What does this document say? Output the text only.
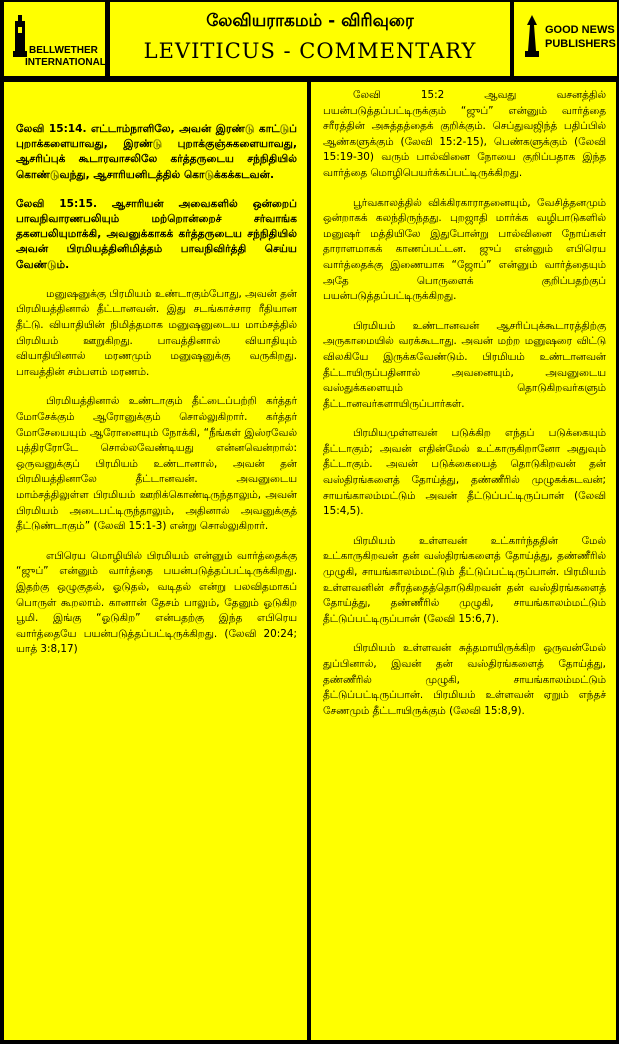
BELLWETHER
INTERNATIONAL
லேவியராகமம் - விரிவுரை
LEVITICUS - COMMENTARY
GOOD NEWS
PUBLISHERS

லேவி 15:14. எட்டாம்நாளிலே, அவன் இரண்டு காட்டுப் புறாக்களையாவது, இரண்டு புறாக்குஞ்சுகளையாவது, ஆசரிப்புக் கூடாரவாசலிலே கர்த்தருடைய சந்நிதியில் கொண்டுவந்து, ஆசாரியனிடத்தில் கொடுக்கக்கடவன்.

லேவி 15:15. ஆசாரியன் அவைகளில் ஒன்றைப் பாவநிவாரணபலியும் மற்றொன்றைச் சர்வாங்க தகனபலியுமாக்கி, அவனுக்காகக் கர்த்தருடைய சந்நிதியில் அவன் பிரமியத்தினிமித்தம் பாவநிவிர்த்தி செய்ய வேண்டும்.

மனுஷனுக்கு பிரமியம் உண்டாகும்போது, அவன் தன் பிரமியத்தினால் தீட்டானவன். இது சடங்காச்சார ரீதியான தீட்டு. வியாதியின் நிமித்தமாக மனுஷனுடைய மாம்சத்தில் பிரமியம் ஊறுகிறது. பாவத்தினால் வியாதியும் வியாதியினால் மரணமும் மனுஷனுக்கு வருகிறது. பாவத்தின் சம்பளம் மரணம்.

பிரமியத்தினால் உண்டாகும் தீட்டைப்பற்றி கர்த்தர் மோசேக்கும் ஆரோனுக்கும் சொல்லுகிறார். கர்த்தர் மோசேயையும் ஆரோனையும் நோக்கி, “நீங்கள் இஸ்ரவேல் புத்திரரோடே சொல்லவேண்டியது என்னவென்றால்: ஒருவனுக்குப் பிரமியம் உண்டானால், அவன் தன் பிரமியத்தினாலே தீட்டானவன். அவனுடைய மாம்சத்திலுள்ள பிரமியம் ஊறிக்கொண்டிருந்தாலும், அவன் பிரமியம் அடைபட்டிருந்தாலும், அதினால் அவனுக்குத் தீட்டுண்டாகும்” (லேவி 15:1-3) என்று சொல்லுகிறார்.

எபிரெய மொழியில் பிரமியம் என்னும் வார்த்தைக்கு “ஜுப்” என்னும் வார்த்தை பயன்படுத்தப்பட்டிருக்கிறது. இதற்கு ஒழுகுதல், ஓடுதல், வடிதல் என்று பலவிதமாகப் பொருள் கூறலாம். கானான் தேசம் பாலும், தேனும் ஓடுகிற பூமி. இங்கு “ஓடுகிற” என்பதற்கு இந்த எபிரெய வார்த்தையே பயன்படுத்தப்பட்டிருக்கிறது. (லேவி 20:24; யாத் 3:8,17)

லேவி 15:2 ஆவது வசனத்தில் பயன்படுத்தப்பட்டிருக்கும் “ஜுப்” என்னும் வார்த்தை சரீரத்தின் அசுத்தத்தைக் குறிக்கும். செப்துவஜிந்த் பதிப்பில் ஆண்களுக்கும் (லேவி 15:2-15), பெண்களுக்கும் (லேவி 15:19-30) வரும் பால்வினை நோயை குறிப்பதாக இந்த வார்த்தை மொழிபெயர்க்கப்பட்டிருக்கிறது.

பூர்வகாலத்தில் விக்கிரகாராதனையும், வேசித்தனமும் ஒன்றாகக் கலந்திருந்தது. புறஜாதி மார்க்க வழிபாடுகளில் மனுஷர் மத்தியிலே இதுபோன்று பால்வினை நோய்கள் தாராளமாகக் காணப்பட்டன. ஜுப் என்னும் எபிரெய வார்த்தைக்கு இணையாக “ஜோப்” என்னும் வார்த்தையும் அதே பொருளைக் குறிப்பதற்குப் பயன்படுத்தப்பட்டிருக்கிறது.

பிரமியம் உண்டானவன் ஆசரிப்புக்கூடாரத்திற்கு அருகாமையில் வரக்கூடாது. அவன் மற்ற மனுஷரை விட்டு விலகியே இருக்கவேண்டும். பிரமியம் உண்டானவன் தீட்டாயிருப்பதினால் அவனையும், அவனுடைய வஸ்துக்களையும் தொடுகிறவர்களும் தீட்டானவர்களாயிருப்பார்கள்.

பிரமியமுள்ளவன் படுக்கிற எந்தப் படுக்கையும் தீட்டாகும்; அவன் எதின்மேல் உட்காருகிறானோ அதுவும் தீட்டாகும். அவன் படுக்கையைத் தொடுகிறவன் தன் வஸ்திரங்களைத் தோய்த்து, தண்ணீரில் முழுகக்கடவன்; சாயங்காலம்மட்டும் அவன் தீட்டுப்பட்டிருப்பான் (லேவி 15:4,5).

பிரமியம் உள்ளவன் உட்கார்ந்ததின் மேல் உட்காருகிறவன் தன் வஸ்திரங்களைத் தோய்த்து, தண்ணீரில் முழுகி, சாயங்காலம்மட்டும் தீட்டுப்பட்டிருப்பான். பிரமியம் உள்ளவனின் சரீரத்தைத்தொடுகிறவன் தன் வஸ்திரங்களைத் தோய்த்து, தண்ணீரில் முழுகி, சாயங்காலம்மட்டும் தீட்டுப்பட்டிருப்பான் (லேவி 15:6,7).

பிரமியம் உள்ளவன் சுத்தமாயிருக்கிற ஒருவன்மேல் துப்பினால், இவன் தன் வஸ்திரங்களைத் தோய்த்து, தண்ணீரில் முழுகி, சாயங்காலம்மட்டும் தீட்டுப்பட்டிருப்பான். பிரமியம் உள்ளவன் ஏறும் எந்தச் சேணமும் தீட்டாயிருக்கும் (லேவி 15:8,9).
